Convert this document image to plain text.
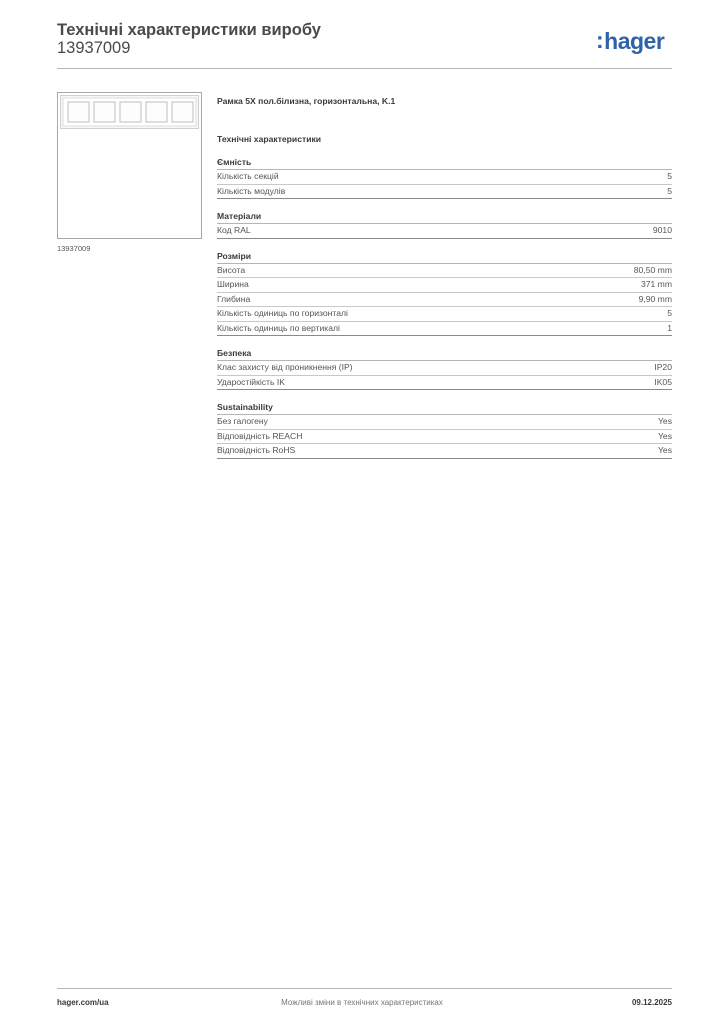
Технічні характеристики виробу
13937009	:hager
13937009
Рамка 5X пол.білизна, горизонтальна, K.1
Технічні характеристики
Ємність
Кількість секцій	5
Кількість модулів	5
Матеріали
Код RAL	9010
Розміри
Висота	80,50 mm
Ширина	371 mm
Глибина	9,90 mm
Кількість одиниць по горизонталі	5
Кількість одиниць по вертикалі	1
Безпека
Клас захисту від проникнення (IP)	IP20
Ударостійкість IK	IK05
Sustainability
Без галогену	Yes
Відповідність REACH	Yes
Відповідність RoHS	Yes
hager.com/ua	Можливі зміни в технічних характеристиках	09.12.2025
